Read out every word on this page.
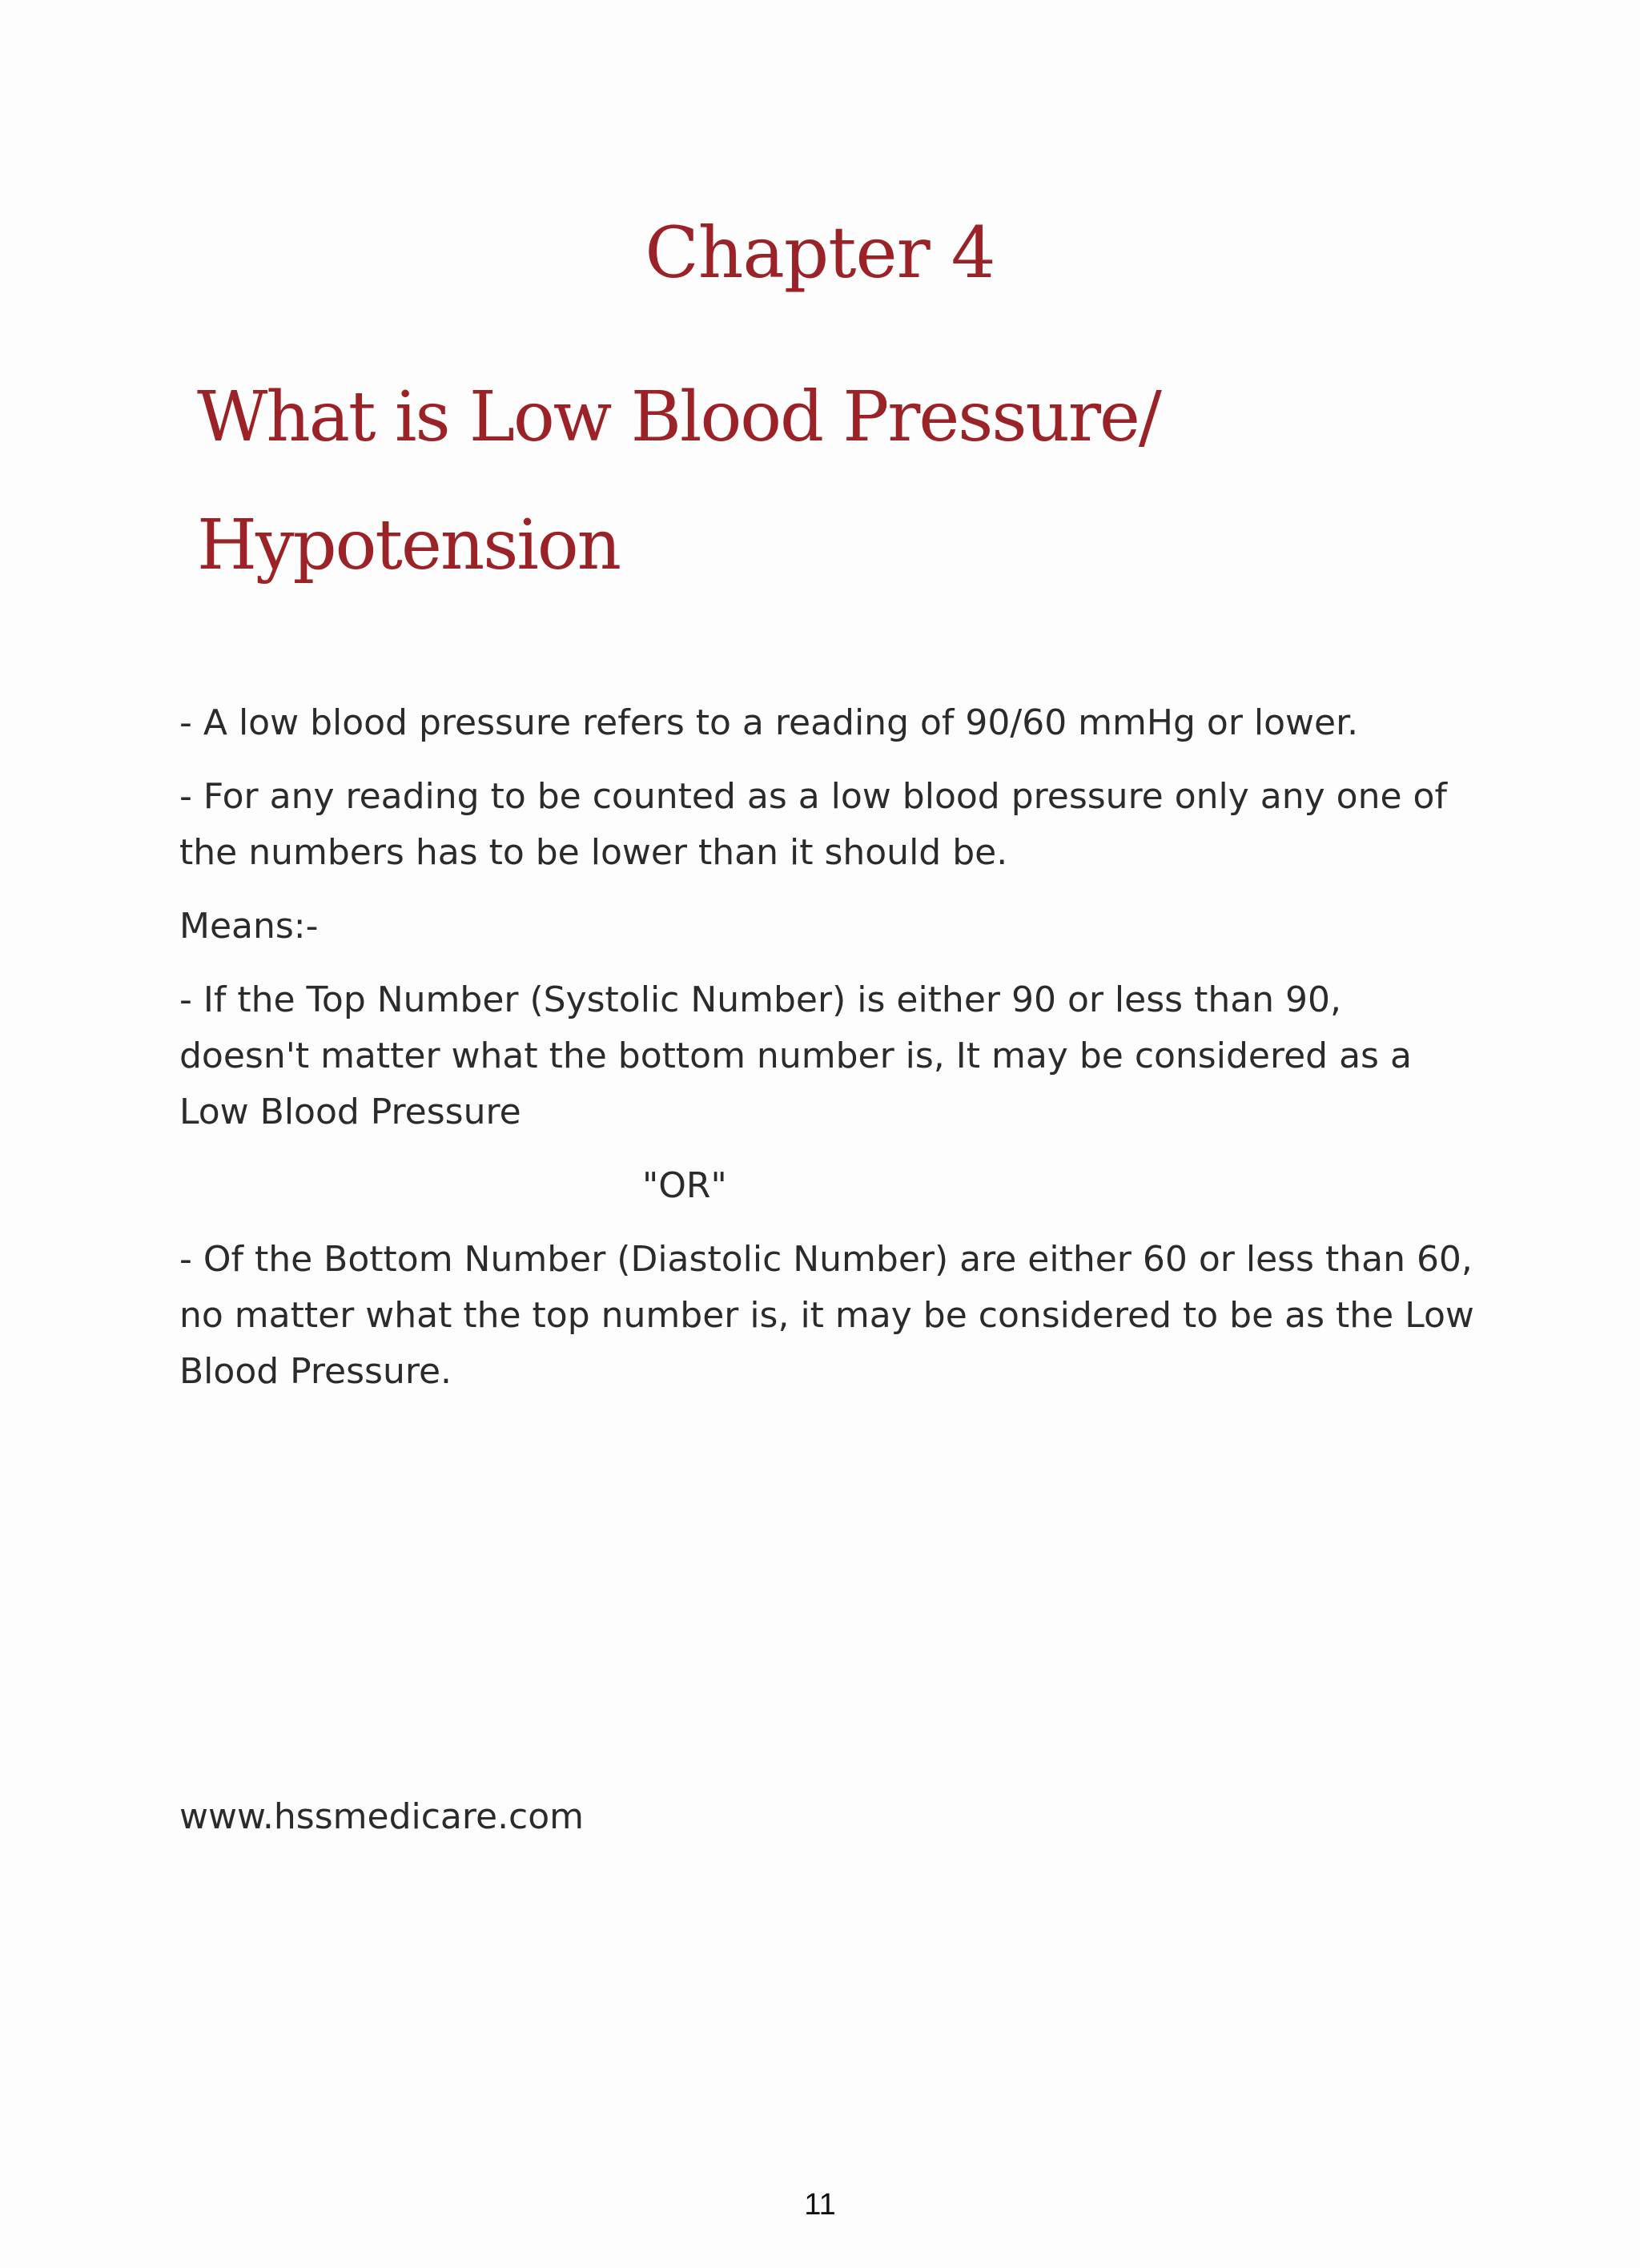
Chapter 4
What is Low Blood Pressure/
Hypotension

- A low blood pressure refers to a reading of 90/60 mmHg or lower.

- For any reading to be counted as a low blood pressure only any one of the numbers has to be lower than it should be.

Means:-

- If the Top Number (Systolic Number) is either 90 or less than 90, doesn't matter what the bottom number is, It may be considered as a Low Blood Pressure

"OR"

- Of the Bottom Number (Diastolic Number) are either 60 or less than 60, no matter what the top number is, it may be considered to be as the Low Blood Pressure.

www.hssmedicare.com
11
